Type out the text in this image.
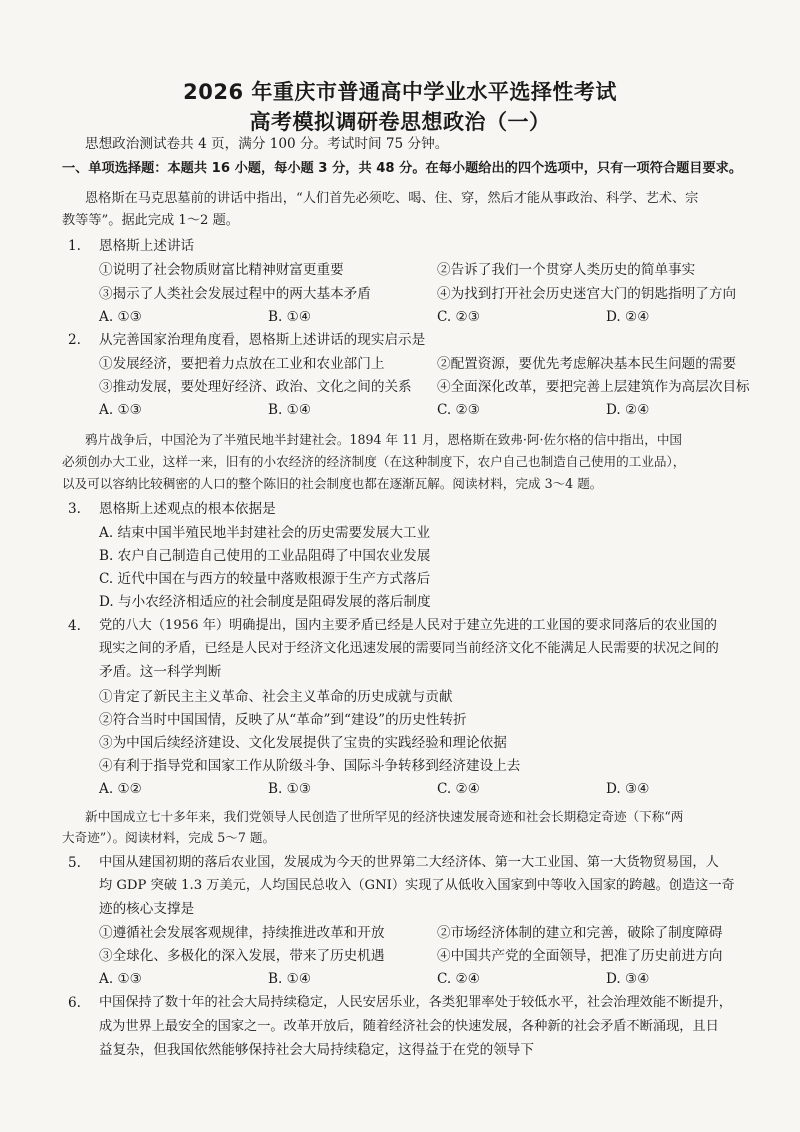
2026 年重庆市普通高中学业水平选择性考试
高考模拟调研卷思想政治（一）
思想政治测试卷共 4 页，满分 100 分。考试时间 75 分钟。
一、单项选择题：本题共 16 小题，每小题 3 分，共 48 分。在每小题给出的四个选项中，只有一项符合题目要求。
恩格斯在马克思墓前的讲话中指出，“人们首先必须吃、喝、住、穿，然后才能从事政治、科学、艺术、宗
教等等”。据此完成 1～2 题。
1. 恩格斯上述讲话
①说明了社会物质财富比精神财富更重要	②告诉了我们一个贯穿人类历史的简单事实
③揭示了人类社会发展过程中的两大基本矛盾	④为找到打开社会历史迷宫大门的钥匙指明了方向
A. ①③	B. ①④	C. ②③	D. ②④
2. 从完善国家治理角度看，恩格斯上述讲话的现实启示是
①发展经济，要把着力点放在工业和农业部门上	②配置资源，要优先考虑解决基本民生问题的需要
③推动发展，要处理好经济、政治、文化之间的关系 ④全面深化改革，要把完善上层建筑作为高层次目标
A. ①③	B. ①④	C. ②③	D. ②④
鸦片战争后，中国沦为了半殖民地半封建社会。1894 年 11 月，恩格斯在致弗·阿·佐尔格的信中指出，中国
必须创办大工业，这样一来，旧有的小农经济的经济制度（在这种制度下，农户自己也制造自己使用的工业品），
以及可以容纳比较稠密的人口的整个陈旧的社会制度也都在逐渐瓦解。阅读材料，完成 3～4 题。
3. 恩格斯上述观点的根本依据是
A. 结束中国半殖民地半封建社会的历史需要发展大工业
B. 农户自己制造自己使用的工业品阻碍了中国农业发展
C. 近代中国在与西方的较量中落败根源于生产方式落后
D. 与小农经济相适应的社会制度是阻碍发展的落后制度
4. 党的八大（1956 年）明确提出，国内主要矛盾已经是人民对于建立先进的工业国的要求同落后的农业国的
现实之间的矛盾，已经是人民对于经济文化迅速发展的需要同当前经济文化不能满足人民需要的状况之间的
矛盾。这一科学判断
①肯定了新民主主义革命、社会主义革命的历史成就与贡献
②符合当时中国国情，反映了从“革命”到“建设”的历史性转折
③为中国后续经济建设、文化发展提供了宝贵的实践经验和理论依据
④有利于指导党和国家工作从阶级斗争、国际斗争转移到经济建设上去
A. ①②	B. ①③	C. ②④	D. ③④
新中国成立七十多年来，我们党领导人民创造了世所罕见的经济快速发展奇迹和社会长期稳定奇迹（下称“两
大奇迹”）。阅读材料，完成 5～7 题。
5. 中国从建国初期的落后农业国，发展成为今天的世界第二大经济体、第一大工业国、第一大货物贸易国，人
均 GDP 突破 1.3 万美元，人均国民总收入（GNI）实现了从低收入国家到中等收入国家的跨越。创造这一奇
迹的核心支撑是
①遵循社会发展客观规律，持续推进改革和开放	②市场经济体制的建立和完善，破除了制度障碍
③全球化、多极化的深入发展，带来了历史机遇	④中国共产党的全面领导，把准了历史前进方向
A. ①③	B. ①④	C. ②④	D. ③④
6. 中国保持了数十年的社会大局持续稳定，人民安居乐业，各类犯罪率处于较低水平，社会治理效能不断提升，
成为世界上最安全的国家之一。改革开放后，随着经济社会的快速发展，各种新的社会矛盾不断涌现，且日
益复杂，但我国依然能够保持社会大局持续稳定，这得益于在党的领导下
